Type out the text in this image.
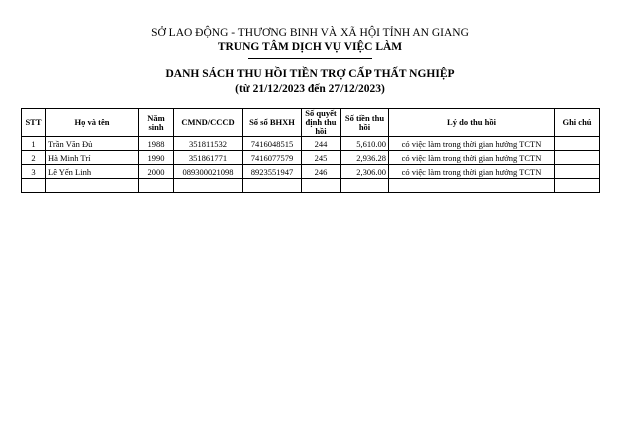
SỞ LAO ĐỘNG - THƯƠNG BINH VÀ XÃ HỘI TỈNH AN GIANG
TRUNG TÂM DỊCH VỤ VIỆC LÀM
DANH SÁCH THU HỒI TIỀN TRỢ CẤP THẤT NGHIỆP
(từ 21/12/2023 đến 27/12/2023)
STT	Họ và tên	Năm sinh	CMND/CCCD	Số sổ BHXH	Số quyết định thu hồi	Số tiền thu hồi	Lý do thu hồi	Ghi chú
1	Trần Văn Đủ	1988	351811532	7416048515	244	5,610.00	có việc làm trong thời gian hưởng TCTN	
2	Hà Minh Trí	1990	351861771	7416077579	245	2,936.28	có việc làm trong thời gian hưởng TCTN	
3	Lê Yến Linh	2000	089300021098	8923551947	246	2,306.00	có việc làm trong thời gian hưởng TCTN	
